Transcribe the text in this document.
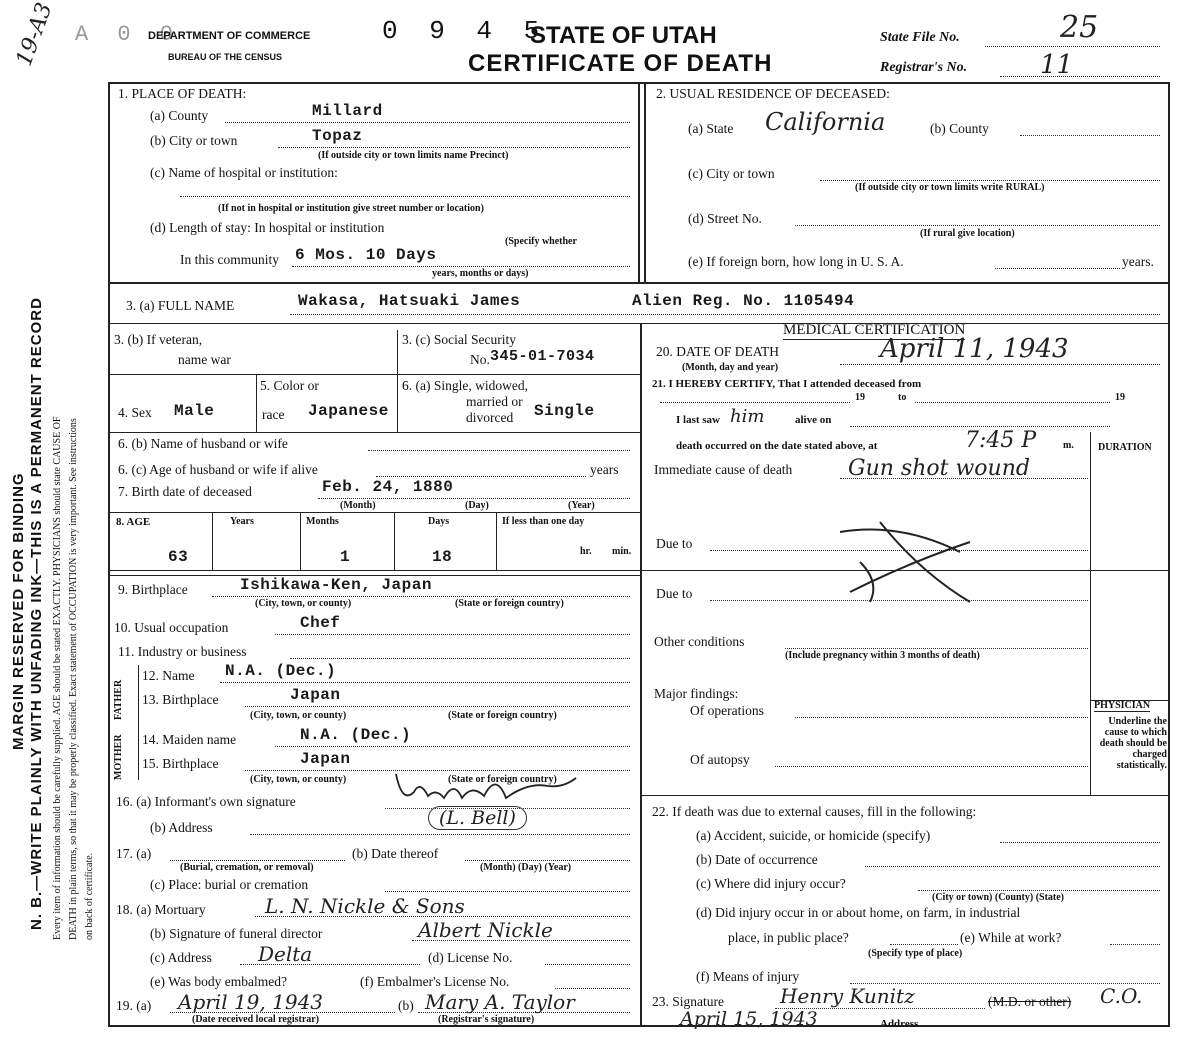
N. B.—WRITE PLAINLY WITH UNFADING INK—THIS IS A PERMANENT RECORD
MARGIN RESERVED FOR BINDING	Every item of information should be carefully supplied. AGE should be stated EXACTLY. PHYSICIANS should state CAUSE OF DEATH in plain terms, so that it may be properly classified. Exact statement of OCCUPATION is very important. See instructions on back of certificate.
19-A3 A 0 0
DEPARTMENT OF COMMERCE
BUREAU OF THE CENSUS
0 9 4 5
STATE OF UTAH
CERTIFICATE OF DEATH
State File No.	25
Registrar's No.	11
1. PLACE OF DEATH:
(a) County	Millard
(b) City or town	Topaz
(If outside city or town limits name Precinct)
(c) Name of hospital or institution:
(If not in hospital or institution give street number or location)
(d) Length of stay: In hospital or institution
(Specify whether
In this community 6 Mos. 10 Days
years, months or days)
2. USUAL RESIDENCE OF DECEASED:
(a) State California	(b) County
(c) City or town
(If outside city or town limits write RURAL)
(d) Street No.
(If rural give location)
(e) If foreign born, how long in U. S. A.	years.
3. (a) FULL NAME	Wakasa, Hatsuaki James	Alien Reg. No. 1105494
3. (b) If veteran,
name war
3. (c) Social Security
No. 345-01-7034
4. Sex Male
5. Color or
race Japanese
6. (a) Single, widowed,
married or
divorced Single
6. (b) Name of husband or wife
6. (c) Age of husband or wife if alive	years
7. Birth date of deceased	Feb. 24, 1880
(Month)	(Day)	(Year)
8. AGE	Years	Months	Days	If less than one day
hr. min.
63	1	18
9. Birthplace	Ishikawa-Ken, Japan
(City, town, or county)	(State or foreign country)
10. Usual occupation	Chef
11. Industry or business
FATHER
MOTHER
12. Name N.A. (Dec.)
13. Birthplace	Japan
(City, town, or county)	(State or foreign country)
14. Maiden name	N.A. (Dec.)
15. Birthplace	Japan
(City, town, or county)	(State or foreign country)
16. (a) Informant's own signature
(L. Bell)
(b) Address
17. (a)	(b) Date thereof
(Burial, cremation, or removal)	(Month) (Day) (Year)
(c) Place: burial or cremation
18. (a) Mortuary	L. N. Nickle & Sons
(b) Signature of funeral director	Albert Nickle
(c) Address Delta	(d) License No.
(e) Was body embalmed?	(f) Embalmer's License No.
19. (a) April 19, 1943
(Date received local registrar)
(b) Mary A. Taylor
(Registrar's signature)
MEDICAL CERTIFICATION
20. DATE OF DEATH
(Month, day and year)
April 11, 1943
21. I HEREBY CERTIFY, That I attended deceased from
19	to	19
I last saw him	alive on
death occurred on the date stated above, at	7:45 P	m. DURATION
Immediate cause of death	Gun shot wound
Due to
Due to
Other conditions
(Include pregnancy within 3 months of death)
Major findings:
Of operations
Of autopsy
PHYSICIAN
Underline the cause to which death should be charged statistically.
22. If death was due to external causes, fill in the following:
(a) Accident, suicide, or homicide (specify)
(b) Date of occurrence
(c) Where did injury occur?
(City or town) (County) (State)
(d) Did injury occur in or about home, on farm, in industrial
place, in public place?	(e) While at work?
(Specify type of place)
(f) Means of injury
23. Signature	Henry Kunitz	(M.D. or other) C.O.
April 15, 1943	Address
